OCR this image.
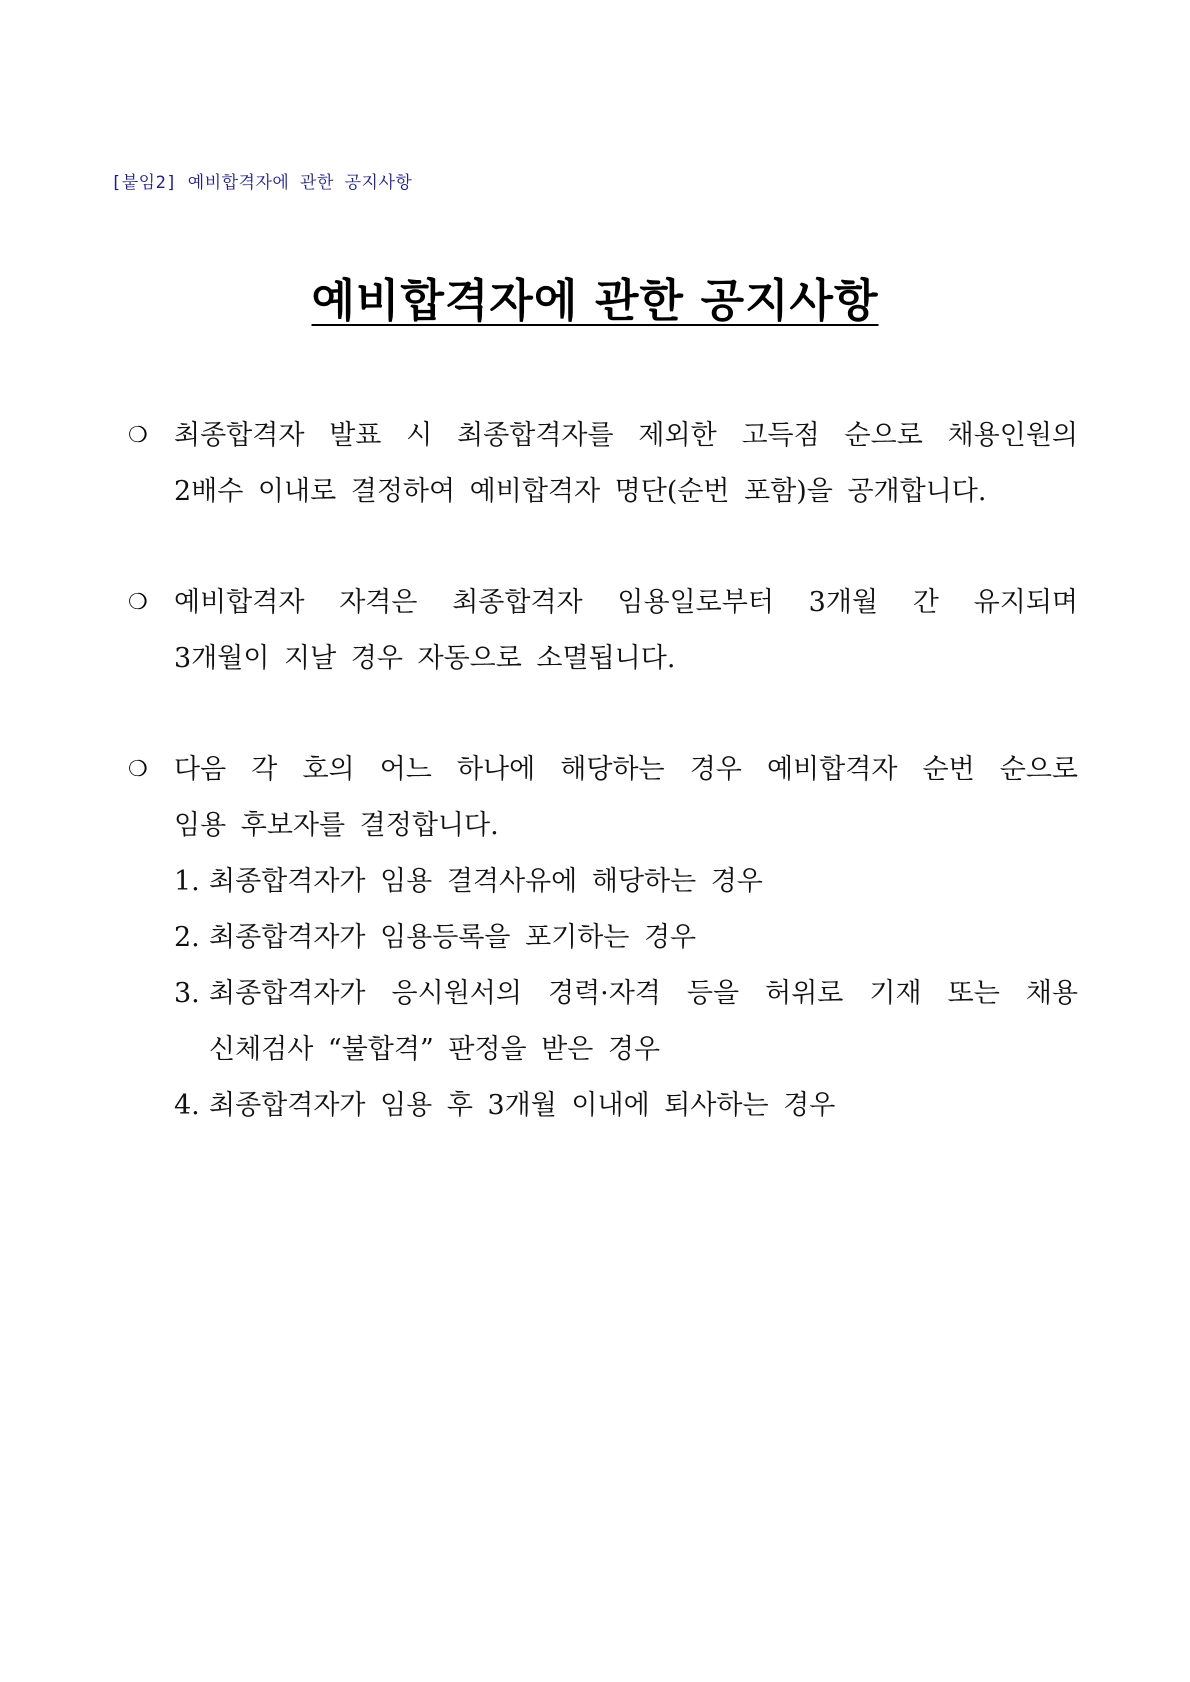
[붙임2] 예비합격자에 관한 공지사항
예비합격자에 관한 공지사항
❍ 최종합격자 발표 시 최종합격자를 제외한 고득점 순으로 채용인원의
2배수 이내로 결정하여 예비합격자 명단(순번 포함)을 공개합니다.
❍ 예비합격자 자격은 최종합격자 임용일로부터 3개월 간 유지되며
3개월이 지날 경우 자동으로 소멸됩니다.
❍ 다음 각 호의 어느 하나에 해당하는 경우 예비합격자 순번 순으로
임용 후보자를 결정합니다.
1. 최종합격자가 임용 결격사유에 해당하는 경우
2. 최종합격자가 임용등록을 포기하는 경우
3. 최종합격자가 응시원서의 경력·자격 등을 허위로 기재 또는 채용
신체검사 “불합격” 판정을 받은 경우
4. 최종합격자가 임용 후 3개월 이내에 퇴사하는 경우
